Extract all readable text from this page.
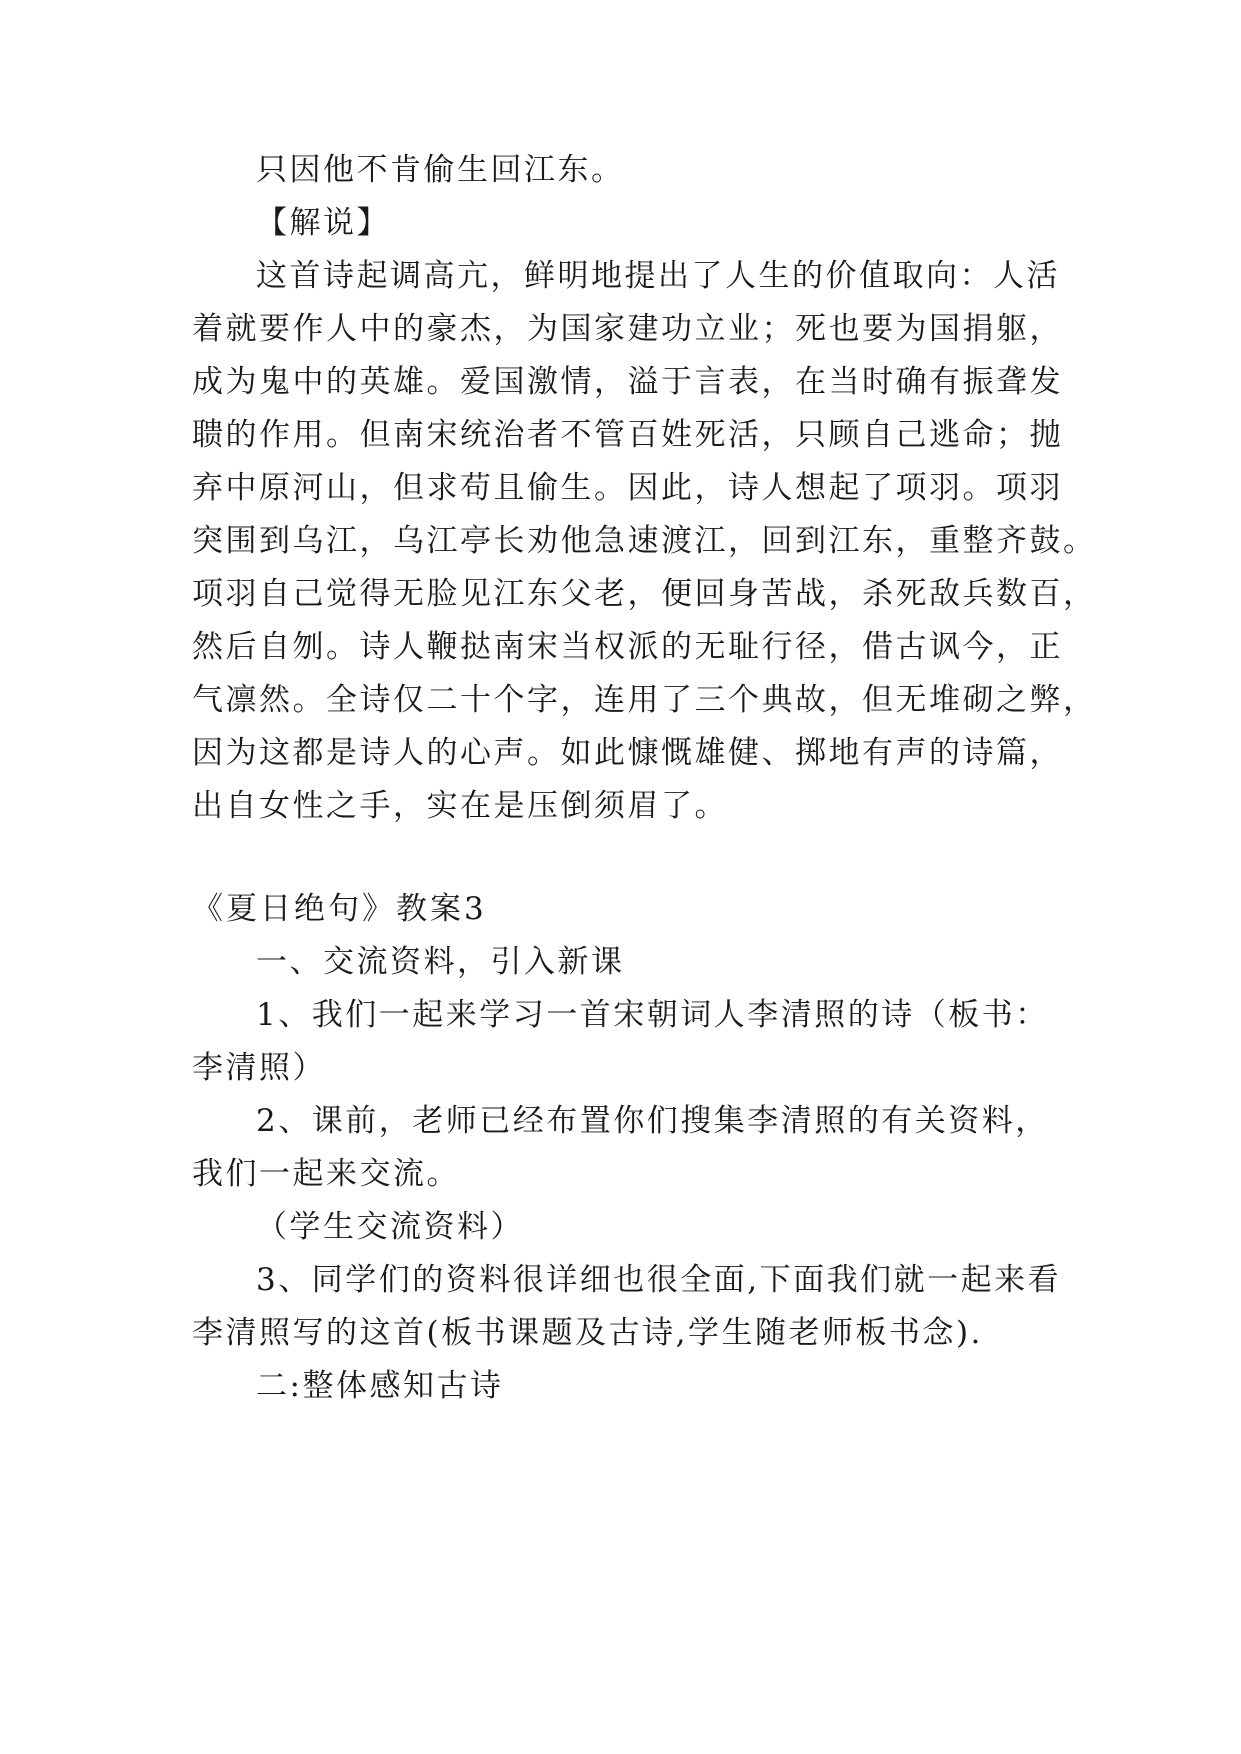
只因他不肯偷生回江东。
【解说】
这首诗起调高亢，鲜明地提出了人生的价值取向：人活
着就要作人中的豪杰，为国家建功立业；死也要为国捐躯，
成为鬼中的英雄。爱国激情，溢于言表，在当时确有振聋发
聩的作用。但南宋统治者不管百姓死活，只顾自己逃命；抛
弃中原河山，但求苟且偷生。因此，诗人想起了项羽。项羽
突围到乌江，乌江亭长劝他急速渡江，回到江东，重整齐鼓。
项羽自己觉得无脸见江东父老，便回身苦战，杀死敌兵数百，
然后自刎。诗人鞭挞南宋当权派的无耻行径，借古讽今，正
气凛然。全诗仅二十个字，连用了三个典故，但无堆砌之弊，
因为这都是诗人的心声。如此慷慨雄健、掷地有声的诗篇，
出自女性之手，实在是压倒须眉了。
《夏日绝句》教案3
一、交流资料，引入新课
1、我们一起来学习一首宋朝词人李清照的诗（板书：
李清照）
2、课前，老师已经布置你们搜集李清照的有关资料，
我们一起来交流。
（学生交流资料）
3、同学们的资料很详细也很全面,下面我们就一起来看
李清照写的这首(板书课题及古诗,学生随老师板书念).
二:整体感知古诗
